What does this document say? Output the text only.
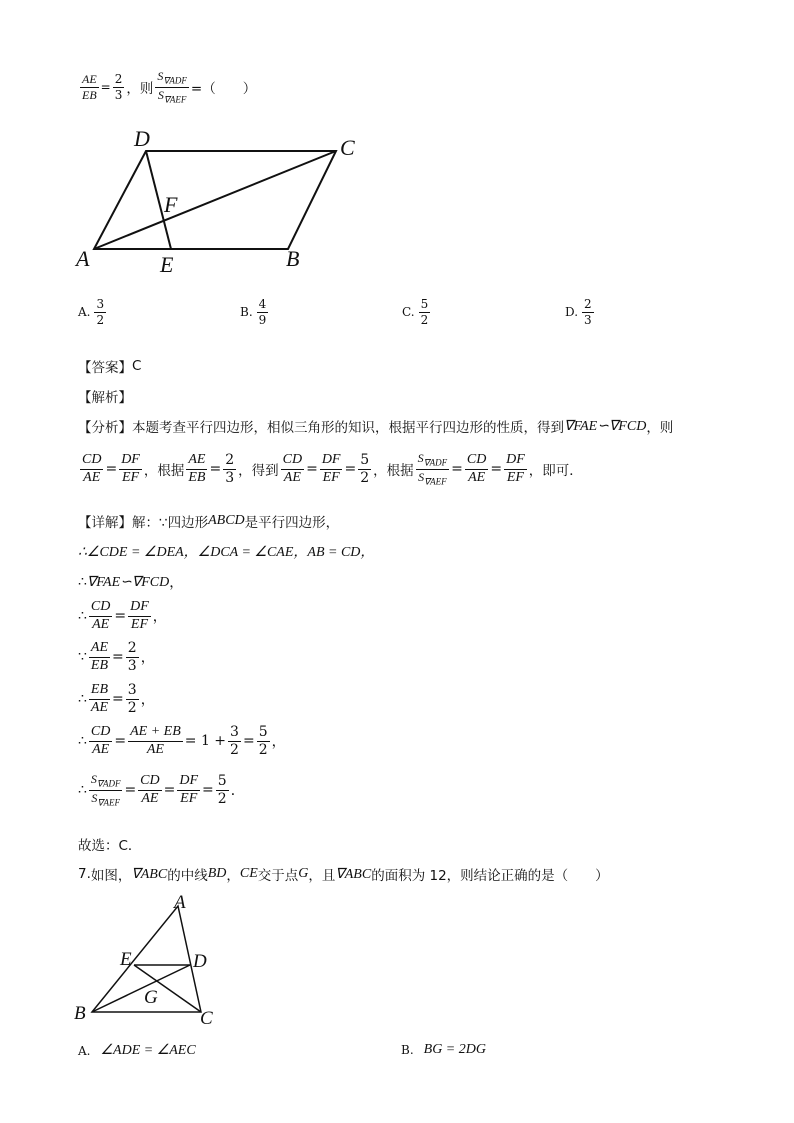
$\frac{AE}{EB} = \frac{2}{3}$ ，则 $\frac{S_{\nabla ADF}}{S_{\nabla AEF}}$ =（　　）
D	C
F
A	E	B
A. $\frac{3}{2}$	B. $\frac{4}{9}$	C. $\frac{5}{2}$	D. $\frac{2}{3}$
【答案】 C
【解析】
【分析】 本题考查平行四边形，相似三角形的知识，根据平行四边形的性质，得到 ∇FAE∽∇FCD ，则
$\frac{CD}{AE} = \frac{DF}{EF}$ ，根据 $\frac{AE}{EB} = \frac{2}{3}$ ，得到 $\frac{CD}{AE} = \frac{DF}{EF} = \frac{5}{2}$ ，根据 $\frac{S_{\nabla ADF}}{S_{\nabla AEF}} = \frac{CD}{AE} = \frac{DF}{EF}$ ，即可．
【详解】 解：∵四边形 ABCD 是平行四边形，
∴∠CDE = ∠DEA，∠DCA = ∠CAE，AB = CD，
∴ ∇FAE∽∇FCD ，
∴ $\frac{CD}{AE} = \frac{DF}{EF}$ ，
∵ $\frac{AE}{EB} = \frac{2}{3}$ ，
∴ $\frac{EB}{AE} = \frac{3}{2}$ ，
∴ $\frac{CD}{AE} = \frac{AE + EB}{AE} = 1 + \frac{3}{2} = \frac{5}{2}$ ，
∴ $\frac{S_{\nabla ADF}}{S_{\nabla AEF}} = \frac{CD}{AE} = \frac{DF}{EF} = \frac{5}{2}$ ．
故选：C．
7. 如图， ∇ABC 的中线 BD ， CE 交于点 G ，且 ∇ABC 的面积为 12，则结论正确的是（　　）
A
E	D
G
B	C
A. ∠ADE = ∠AEC	B. BG = 2DG
